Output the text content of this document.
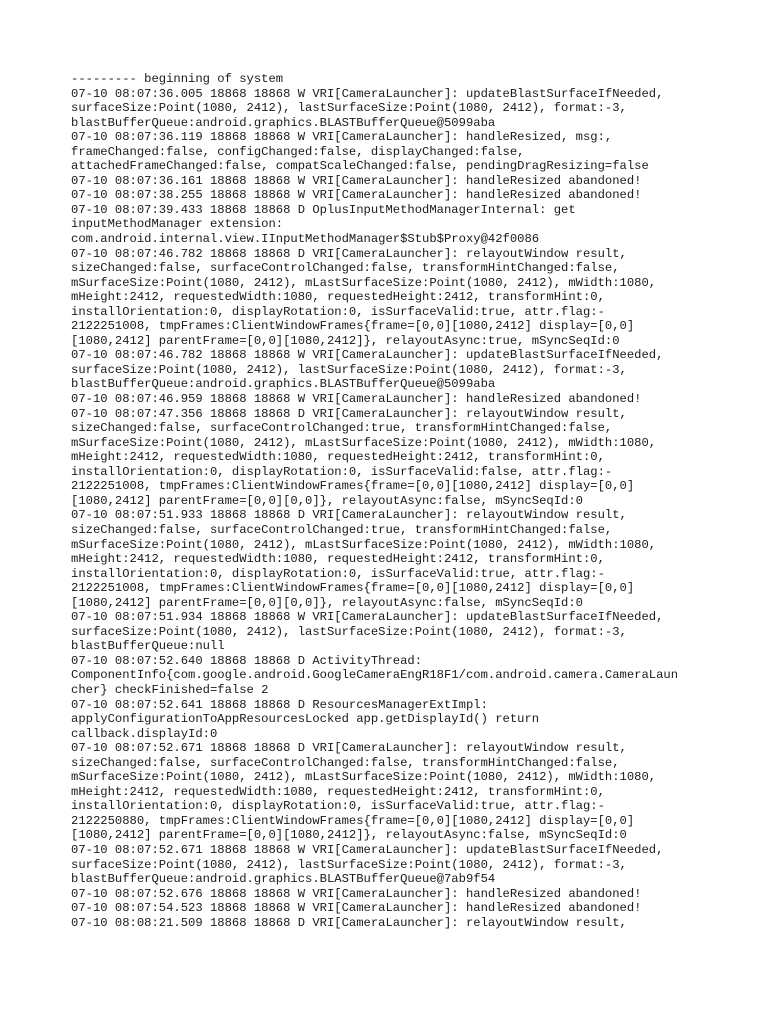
--------- beginning of system
07-10 08:07:36.005 18868 18868 W VRI[CameraLauncher]: updateBlastSurfaceIfNeeded,
surfaceSize:Point(1080, 2412), lastSurfaceSize:Point(1080, 2412), format:-3,
blastBufferQueue:android.graphics.BLASTBufferQueue@5099aba
07-10 08:07:36.119 18868 18868 W VRI[CameraLauncher]: handleResized, msg:,
frameChanged:false, configChanged:false, displayChanged:false,
attachedFrameChanged:false, compatScaleChanged:false, pendingDragResizing=false
07-10 08:07:36.161 18868 18868 W VRI[CameraLauncher]: handleResized abandoned!
07-10 08:07:38.255 18868 18868 W VRI[CameraLauncher]: handleResized abandoned!
07-10 08:07:39.433 18868 18868 D OplusInputMethodManagerInternal: get
inputMethodManager extension:
com.android.internal.view.IInputMethodManager$Stub$Proxy@42f0086
07-10 08:07:46.782 18868 18868 D VRI[CameraLauncher]: relayoutWindow result,
sizeChanged:false, surfaceControlChanged:false, transformHintChanged:false,
mSurfaceSize:Point(1080, 2412), mLastSurfaceSize:Point(1080, 2412), mWidth:1080,
mHeight:2412, requestedWidth:1080, requestedHeight:2412, transformHint:0,
installOrientation:0, displayRotation:0, isSurfaceValid:true, attr.flag:-
2122251008, tmpFrames:ClientWindowFrames{frame=[0,0][1080,2412] display=[0,0]
[1080,2412] parentFrame=[0,0][1080,2412]}, relayoutAsync:true, mSyncSeqId:0
07-10 08:07:46.782 18868 18868 W VRI[CameraLauncher]: updateBlastSurfaceIfNeeded,
surfaceSize:Point(1080, 2412), lastSurfaceSize:Point(1080, 2412), format:-3,
blastBufferQueue:android.graphics.BLASTBufferQueue@5099aba
07-10 08:07:46.959 18868 18868 W VRI[CameraLauncher]: handleResized abandoned!
07-10 08:07:47.356 18868 18868 D VRI[CameraLauncher]: relayoutWindow result,
sizeChanged:false, surfaceControlChanged:true, transformHintChanged:false,
mSurfaceSize:Point(1080, 2412), mLastSurfaceSize:Point(1080, 2412), mWidth:1080,
mHeight:2412, requestedWidth:1080, requestedHeight:2412, transformHint:0,
installOrientation:0, displayRotation:0, isSurfaceValid:false, attr.flag:-
2122251008, tmpFrames:ClientWindowFrames{frame=[0,0][1080,2412] display=[0,0]
[1080,2412] parentFrame=[0,0][0,0]}, relayoutAsync:false, mSyncSeqId:0
07-10 08:07:51.933 18868 18868 D VRI[CameraLauncher]: relayoutWindow result,
sizeChanged:false, surfaceControlChanged:true, transformHintChanged:false,
mSurfaceSize:Point(1080, 2412), mLastSurfaceSize:Point(1080, 2412), mWidth:1080,
mHeight:2412, requestedWidth:1080, requestedHeight:2412, transformHint:0,
installOrientation:0, displayRotation:0, isSurfaceValid:true, attr.flag:-
2122251008, tmpFrames:ClientWindowFrames{frame=[0,0][1080,2412] display=[0,0]
[1080,2412] parentFrame=[0,0][0,0]}, relayoutAsync:false, mSyncSeqId:0
07-10 08:07:51.934 18868 18868 W VRI[CameraLauncher]: updateBlastSurfaceIfNeeded,
surfaceSize:Point(1080, 2412), lastSurfaceSize:Point(1080, 2412), format:-3,
blastBufferQueue:null
07-10 08:07:52.640 18868 18868 D ActivityThread:
ComponentInfo{com.google.android.GoogleCameraEngR18F1/com.android.camera.CameraLaun
cher} checkFinished=false 2
07-10 08:07:52.641 18868 18868 D ResourcesManagerExtImpl:
applyConfigurationToAppResourcesLocked app.getDisplayId() return
callback.displayId:0
07-10 08:07:52.671 18868 18868 D VRI[CameraLauncher]: relayoutWindow result,
sizeChanged:false, surfaceControlChanged:false, transformHintChanged:false,
mSurfaceSize:Point(1080, 2412), mLastSurfaceSize:Point(1080, 2412), mWidth:1080,
mHeight:2412, requestedWidth:1080, requestedHeight:2412, transformHint:0,
installOrientation:0, displayRotation:0, isSurfaceValid:true, attr.flag:-
2122250880, tmpFrames:ClientWindowFrames{frame=[0,0][1080,2412] display=[0,0]
[1080,2412] parentFrame=[0,0][1080,2412]}, relayoutAsync:false, mSyncSeqId:0
07-10 08:07:52.671 18868 18868 W VRI[CameraLauncher]: updateBlastSurfaceIfNeeded,
surfaceSize:Point(1080, 2412), lastSurfaceSize:Point(1080, 2412), format:-3,
blastBufferQueue:android.graphics.BLASTBufferQueue@7ab9f54
07-10 08:07:52.676 18868 18868 W VRI[CameraLauncher]: handleResized abandoned!
07-10 08:07:54.523 18868 18868 W VRI[CameraLauncher]: handleResized abandoned!
07-10 08:08:21.509 18868 18868 D VRI[CameraLauncher]: relayoutWindow result,
